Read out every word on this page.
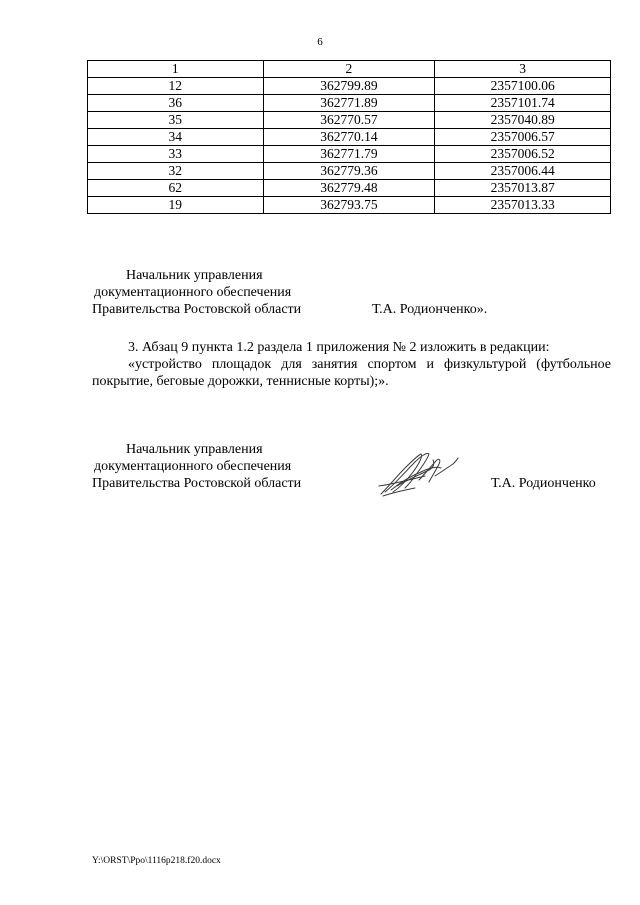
6
1	2	3
12	362799.89	2357100.06
36	362771.89	2357101.74
35	362770.57	2357040.89
34	362770.14	2357006.57
33	362771.79	2357006.52
32	362779.36	2357006.44
62	362779.48	2357013.87
19	362793.75	2357013.33
Начальник управления
документационного обеспечения
Правительства Ростовской области	Т.А. Родионченко».
3. Абзац 9 пункта 1.2 раздела 1 приложения № 2 изложить в редакции:
«устройство площадок для занятия спортом и физкультурой (футбольное покрытие, беговые дорожки, теннисные корты);».
Начальник управления
документационного обеспечения
Правительства Ростовской области	Т.А. Родионченко
Y:\ORST\Ppo\1116p218.f20.docx
